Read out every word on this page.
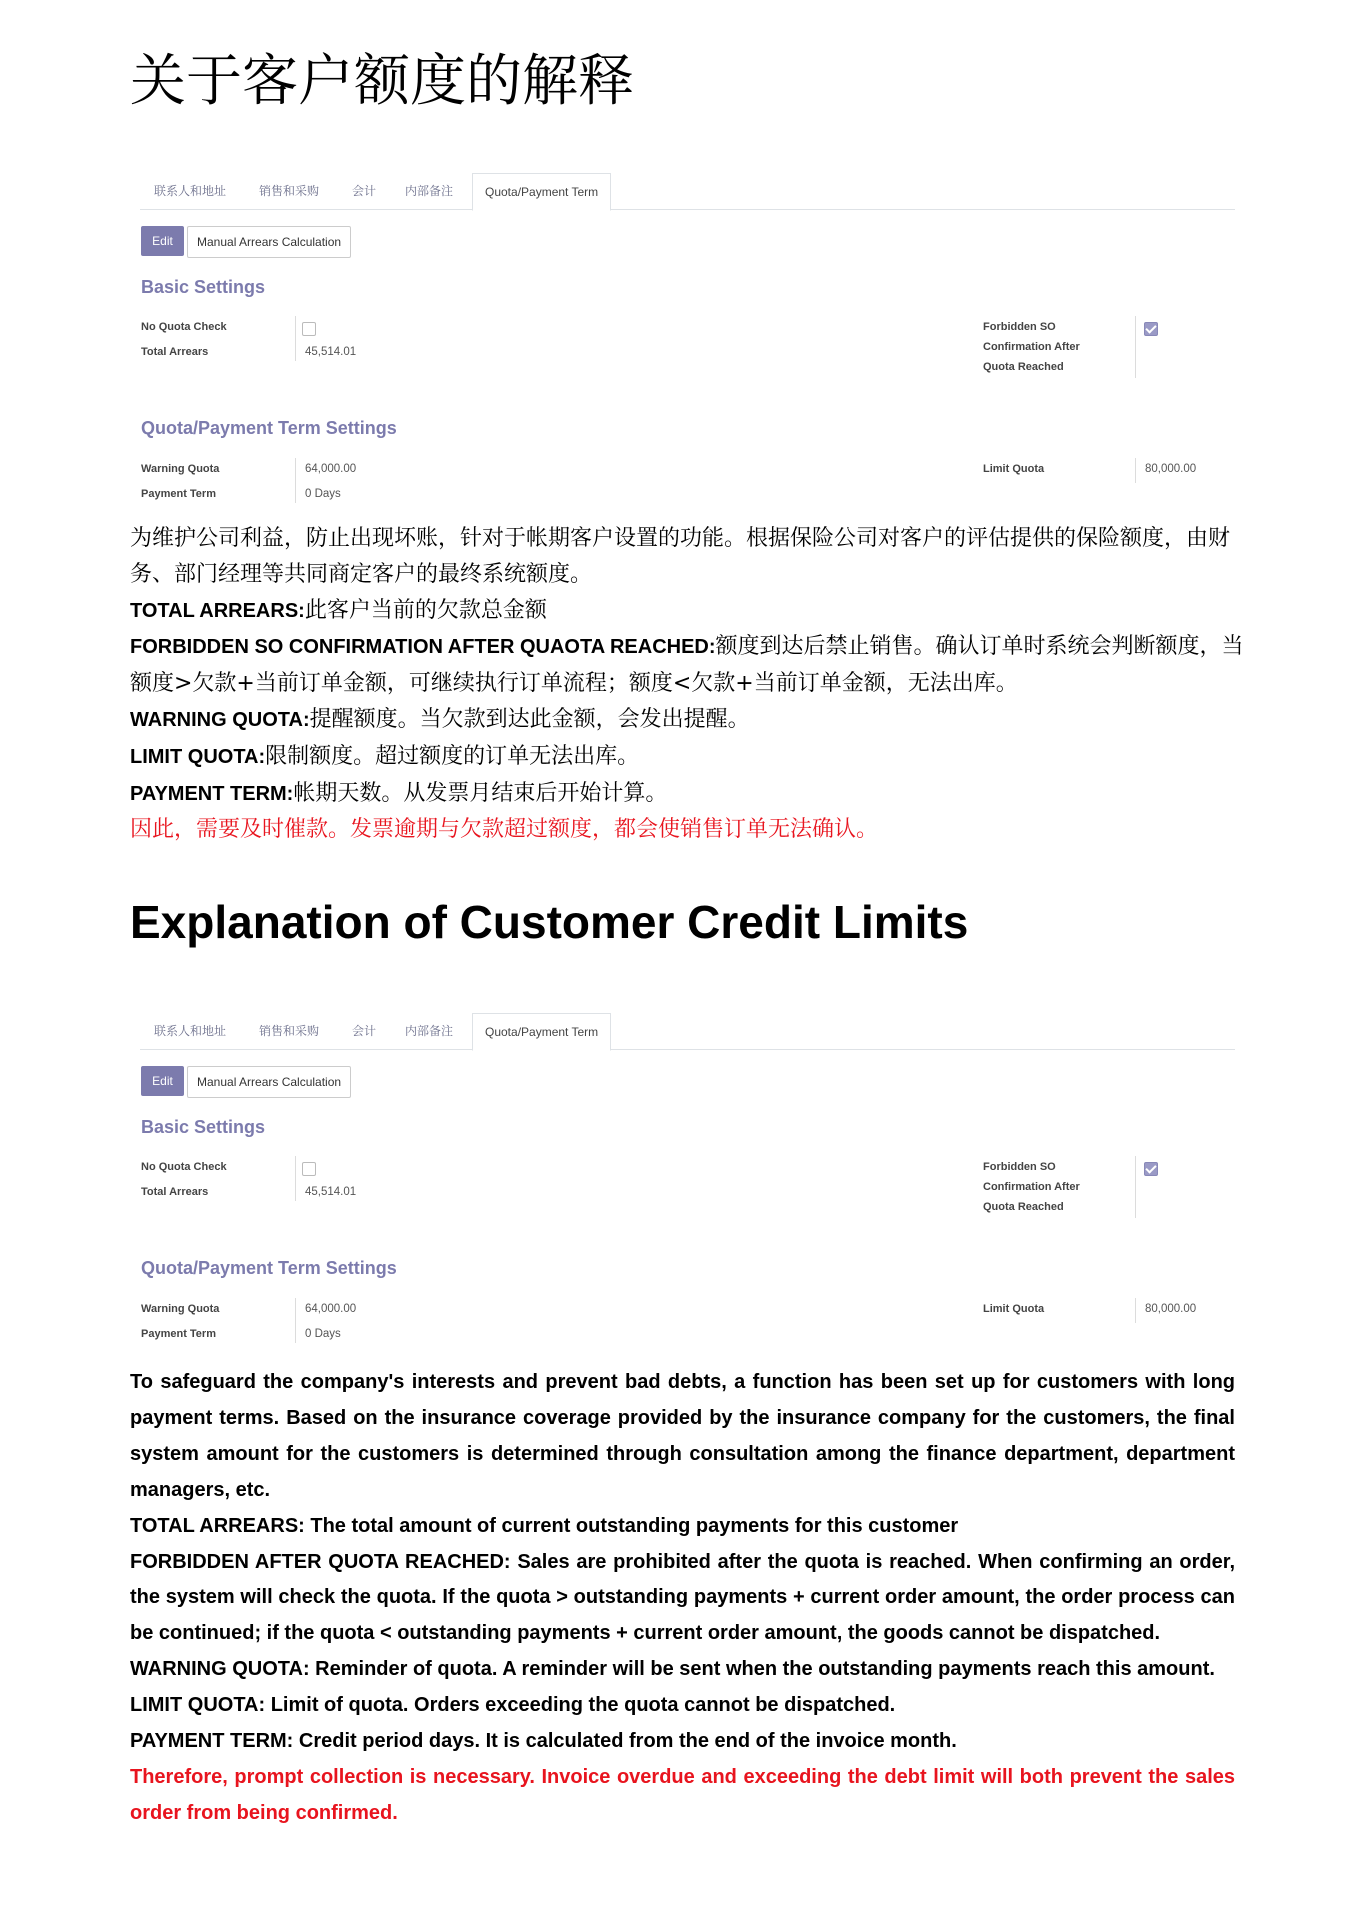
关于客户额度的解释
联系人和地址	销售和采购	会计 内部备注	Quota/Payment Term
Edit	Manual Arrears Calculation
Basic Settings
No Quota Check
Total Arrears	45,514.01
Forbidden SO
Confirmation After
Quota Reached
Quota/Payment Term Settings
Warning Quota	64,000.00
Payment Term	0 Days
Limit Quota	80,000.00

为维护公司利益，防止出现坏账，针对于帐期客户设置的功能。根据保险公司对客户的评估提供的保险额度，由财务、部门经理等共同商定客户的最终系统额度。

TOTAL ARREARS:此客户当前的欠款总金额

FORBIDDEN SO CONFIRMATION AFTER QUAOTA REACHED:额度到达后禁止销售。确认订单时系统会判断额度，当额度>欠款+当前订单金额，可继续执行订单流程；额度<欠款+当前订单金额，无法出库。

WARNING QUOTA:提醒额度。当欠款到达此金额，会发出提醒。

LIMIT QUOTA:限制额度。超过额度的订单无法出库。

PAYMENT TERM:帐期天数。从发票月结束后开始计算。

因此，需要及时催款。发票逾期与欠款超过额度，都会使销售订单无法确认。

Explanation of Customer Credit Limits
联系人和地址	销售和采购	会计 内部备注	Quota/Payment Term
Edit	Manual Arrears Calculation
Basic Settings
No Quota Check
Total Arrears	45,514.01
Forbidden SO
Confirmation After
Quota Reached
Quota/Payment Term Settings
Warning Quota	64,000.00
Payment Term	0 Days
Limit Quota	80,000.00

To safeguard the company's interests and prevent bad debts, a function has been set up for customers with long payment terms. Based on the insurance coverage provided by the insurance company for the customers, the final system amount for the customers is determined through consultation among the finance department, department managers, etc.

TOTAL ARREARS: The total amount of current outstanding payments for this customer

FORBIDDEN AFTER QUOTA REACHED: Sales are prohibited after the quota is reached. When confirming an order, the system will check the quota. If the quota > outstanding payments + current order amount, the order process can be continued; if the quota < outstanding payments + current order amount, the goods cannot be dispatched.

WARNING QUOTA: Reminder of quota. A reminder will be sent when the outstanding payments reach this amount.

LIMIT QUOTA: Limit of quota. Orders exceeding the quota cannot be dispatched.

PAYMENT TERM: Credit period days. It is calculated from the end of the invoice month.

Therefore, prompt collection is necessary. Invoice overdue and exceeding the debt limit will both prevent the sales order from being confirmed.
